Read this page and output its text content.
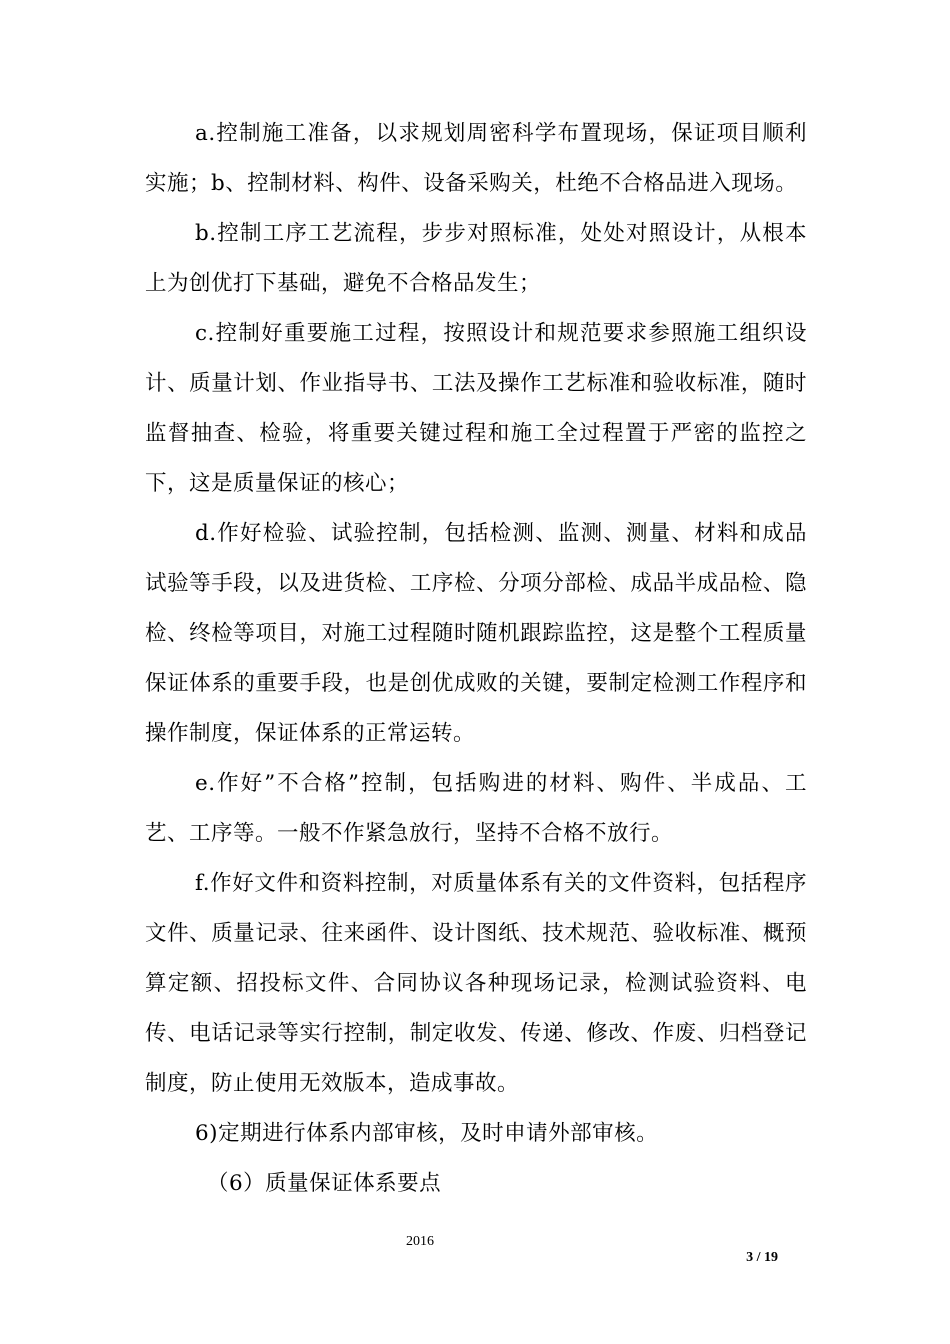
a.控制施工准备，以求规划周密科学布置现场，保证项目顺利实施；b、控制材料、构件、设备采购关，杜绝不合格品进入现场。

b.控制工序工艺流程，步步对照标准，处处对照设计，从根本上为创优打下基础，避免不合格品发生；

c.控制好重要施工过程，按照设计和规范要求参照施工组织设计、质量计划、作业指导书、工法及操作工艺标准和验收标准，随时监督抽查、检验，将重要关键过程和施工全过程置于严密的监控之下，这是质量保证的核心；

d.作好检验、试验控制，包括检测、监测、测量、材料和成品试验等手段，以及进货检、工序检、分项分部检、成品半成品检、隐检、终检等项目，对施工过程随时随机跟踪监控，这是整个工程质量保证体系的重要手段，也是创优成败的关键，要制定检测工作程序和操作制度，保证体系的正常运转。

e.作好”不合格”控制，包括购进的材料、购件、半成品、工艺、工序等。一般不作紧急放行，坚持不合格不放行。

f.作好文件和资料控制，对质量体系有关的文件资料，包括程序文件、质量记录、往来函件、设计图纸、技术规范、验收标准、概预算定额、招投标文件、合同协议各种现场记录，检测试验资料、电传、电话记录等实行控制，制定收发、传递、修改、作废、归档登记制度，防止使用无效版本，造成事故。

6)定期进行体系内部审核，及时申请外部审核。

（6）质量保证体系要点

2016
3 / 19
